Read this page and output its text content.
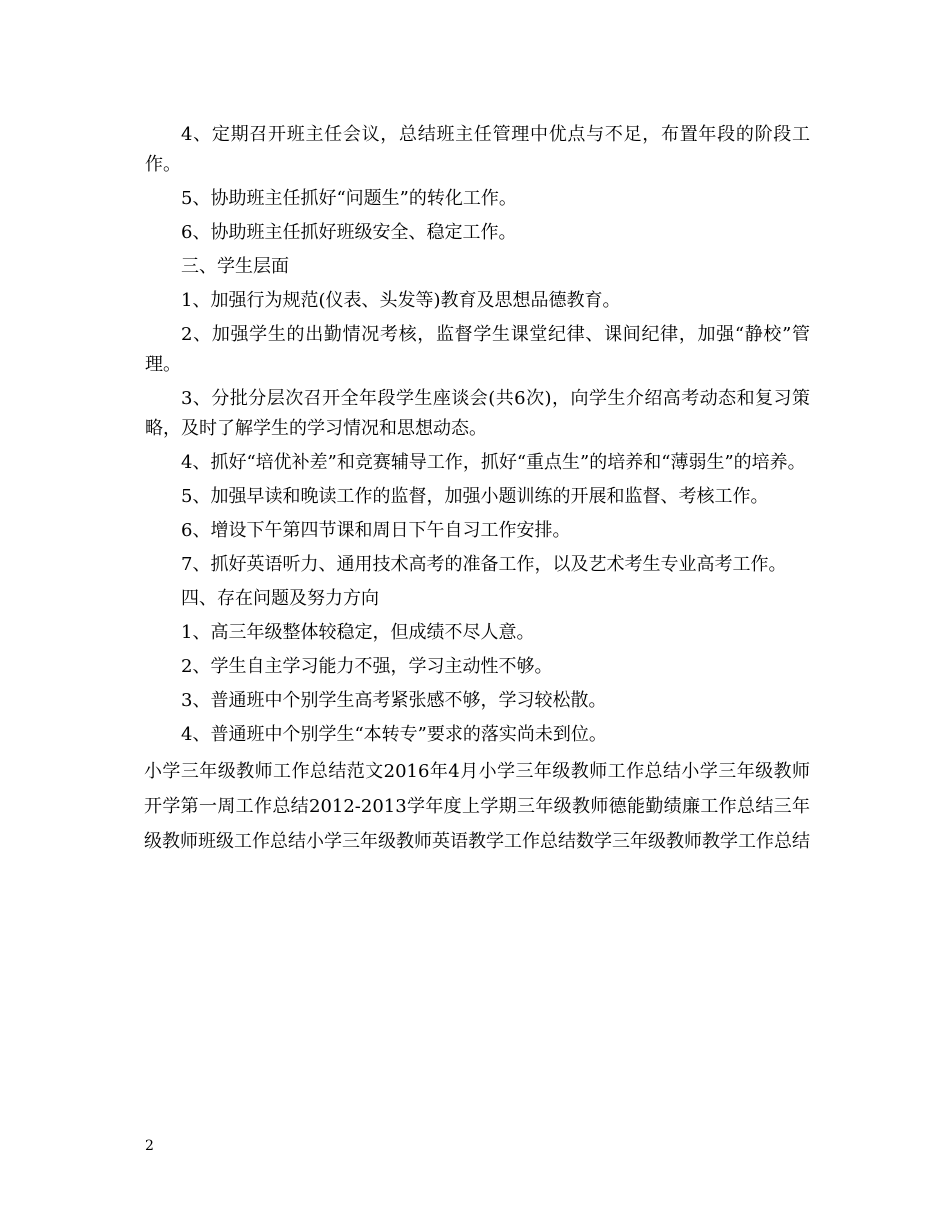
4、定期召开班主任会议，总结班主任管理中优点与不足，布置年段的阶段工作。

5、协助班主任抓好“问题生”的转化工作。

6、协助班主任抓好班级安全、稳定工作。

三、学生层面

1、加强行为规范(仪表、头发等)教育及思想品德教育。

2、加强学生的出勤情况考核，监督学生课堂纪律、课间纪律，加强“静校”管理。

3、分批分层次召开全年段学生座谈会(共6次)，向学生介绍高考动态和复习策略，及时了解学生的学习情况和思想动态。

4、抓好“培优补差”和竞赛辅导工作，抓好“重点生”的培养和“薄弱生”的培养。

5、加强早读和晚读工作的监督，加强小题训练的开展和监督、考核工作。

6、增设下午第四节课和周日下午自习工作安排。

7、抓好英语听力、通用技术高考的准备工作，以及艺术考生专业高考工作。

四、存在问题及努力方向

1、高三年级整体较稳定，但成绩不尽人意。

2、学生自主学习能力不强，学习主动性不够。

3、普通班中个别学生高考紧张感不够，学习较松散。

4、普通班中个别学生“本转专”要求的落实尚未到位。

小学三年级教师工作总结范文2016年4月小学三年级教师工作总结小学三年级教师开学第一周工作总结2012-2013学年度上学期三年级教师德能勤绩廉工作总结三年级教师班级工作总结小学三年级教师英语教学工作总结数学三年级教师教学工作总结

2
